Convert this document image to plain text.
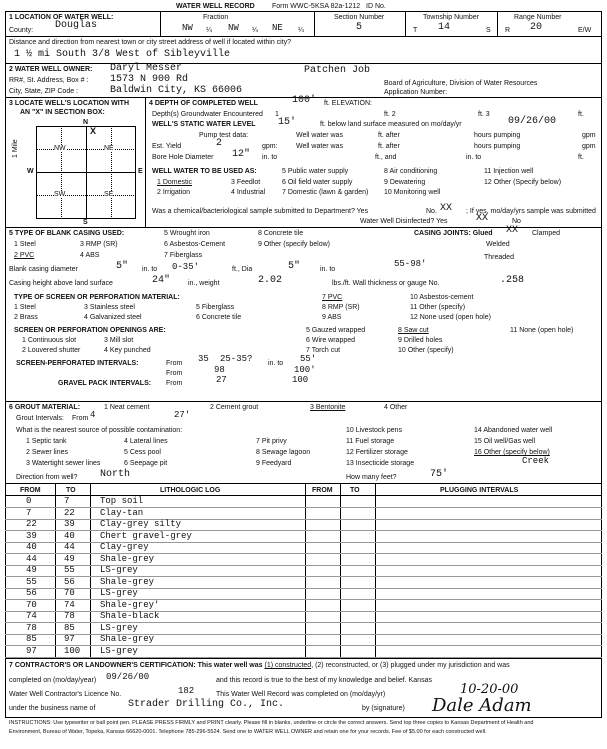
WATER WELL RECORD Form WWC-5 KSA 82a-1212 ID No.
1 LOCATION OF WATER WELL:	Fraction	Section Number	Township Number	Range Number
County: Douglas	NW ¼ NW ¼ NE ¼	5	T 14	S R 20	E/W
Distance and direction from nearest town or city street address of well if located within city?
1 ½ mi South 3/8 West of Sibleyville
2 WATER WELL OWNER: Daryl Messer	Patchen Job
RR#, St. Address, Box # : 1573 N 900 Rd
City, State, ZIP Code :	Baldwin City, KS 66006
Board of Agriculture, Division of Water Resources
Application Number:
3 LOCATE WELL'S LOCATION WITH
AN "X" IN SECTION BOX:
N
S
W	E
1 Mile	NW	NE
SW	SE
X
4 DEPTH OF COMPLETED WELL	100' ft. ELEVATION:
Depth(s) Groundwater Encountered 1	ft. 2	ft. 3	ft.
WELL'S STATIC WATER LEVEL 15'	ft. below land surface measured on mo/day/yr	09/26/00
Pump test data:	Well water was	ft. after	hours pumping	gpm
Est. Yield	2	gpm:	Well water was	ft. after	hours pumping	gpm
Bore Hole Diameter 12" in. to	ft., and	in. to	ft.
WELL WATER TO BE USED AS:
1 Domestic
2 Irrigation
3 Feedlot
4 Industrial
5 Public water supply
6 Oil field water supply
7 Domestic (lawn & garden)
8 Air conditioning
9 Dewatering
10 Monitoring well
11 Injection well
12 Other (Specify below)
Was a chemical/bacteriological sample submitted to Department? Yes	No. XX ; If yes, mo/day/yrs sample was submitted
Water Well Disinfected? Yes	XX	No
5 TYPE OF BLANK CASING USED:
1 Steel
2 PVC
3 RMP (SR)
4 ABS
5 Wrought iron
6 Asbestos-Cement
7 Fiberglass
8 Concrete tile
9 Other (specify below)
CASING JOINTS: Glued XX Clamped
Welded
Threaded
Blank casing diameter	5" in. to 0-35'	ft., Dia	5"	in. to
55-98'
Casing height above land surface	24"	in., weight	2.02	lbs./ft. Wall thickness or gauge No.	.258
TYPE OF SCREEN OR PERFORATION MATERIAL:
1 Steel
2 Brass
3 Stainless steel
4 Galvanized steel
5 Fiberglass
6 Concrete tile
7 PVC
8 RMP (SR)
9 ABS
10 Asbestos-cement
11 Other (specify)
12 None used (open hole)
SCREEN OR PERFORATION OPENINGS ARE:
1 Continuous slot
2 Louvered shutter
3 Mill slot
4 Key punched
5 Gauzed wrapped
6 Wire wrapped
7 Torch cut
8 Saw cut
9 Drilled holes
10 Other (specify)
11 None (open hole)
SCREEN-PERFORATED INTERVALS:	From 35 25-35? in. to 55'
From	98	100'
GRAVEL PACK INTERVALS: From	27	100
6 GROUT MATERIAL:	1 Neat cement	2 Cement grout	3 Bentonite	4 Other
Grout Intervals: From 4	27'
What is the nearest source of possible contamination:
1 Septic tank
2 Sewer lines
3 Watertight sewer lines
4 Lateral lines
5 Cess pool
6 Seepage pit
7 Pit privy
8 Sewage lagoon
9 Feedyard
10 Livestock pens
11 Fuel storage
12 Fertilizer storage
13 Insecticide storage
14 Abandoned water well
15 Oil well/Gas well
16 Other (specify below)
Creek
Direction from well? North	How many feet?	75'
FROM	TO	LITHOLOGIC LOG	FROM TO	PLUGGING INTERVALS
0	7	Top soil
7	22	Clay-tan
22	39	Clay-grey silty
39	40	Chert gravel-grey
40	44	Clay-grey
44	49	Shale-grey
49	55	LS-grey
55	56	Shale-grey
56	70	LS-grey
70	74	Shale-grey'
74	78	Shale-black
78	85	LS-grey
85	97	Shale-grey
97	100 LS-grey
7 CONTRACTOR'S OR LANDOWNER'S CERTIFICATION: This water well was (1) constructed, (2) reconstructed, or (3) plugged under my jurisdiction and was
completed on (mo/day/year) 09/26/00	and this record is true to the best of my knowledge and belief. Kansas
Water Well Contractor's Licence No.	182	This Water Well Record was completed on (mo/day/yr)	10-20-00
under the business name of	Strader Drilling Co., Inc.	by (signature) Dale Adam
INSTRUCTIONS: Use typewriter or ball point pen. PLEASE PRESS FIRMLY and PRINT clearly. Please fill in blanks, underline or circle the correct answers. Send top three copies to Kansas Department of Health and
Environment, Bureau of Water, Topeka, Kansas 66620-0001. Telephone 785-296-5524. Send one to WATER WELL OWNER and retain one for your records. Fee of $5.00 for each constructed well.
